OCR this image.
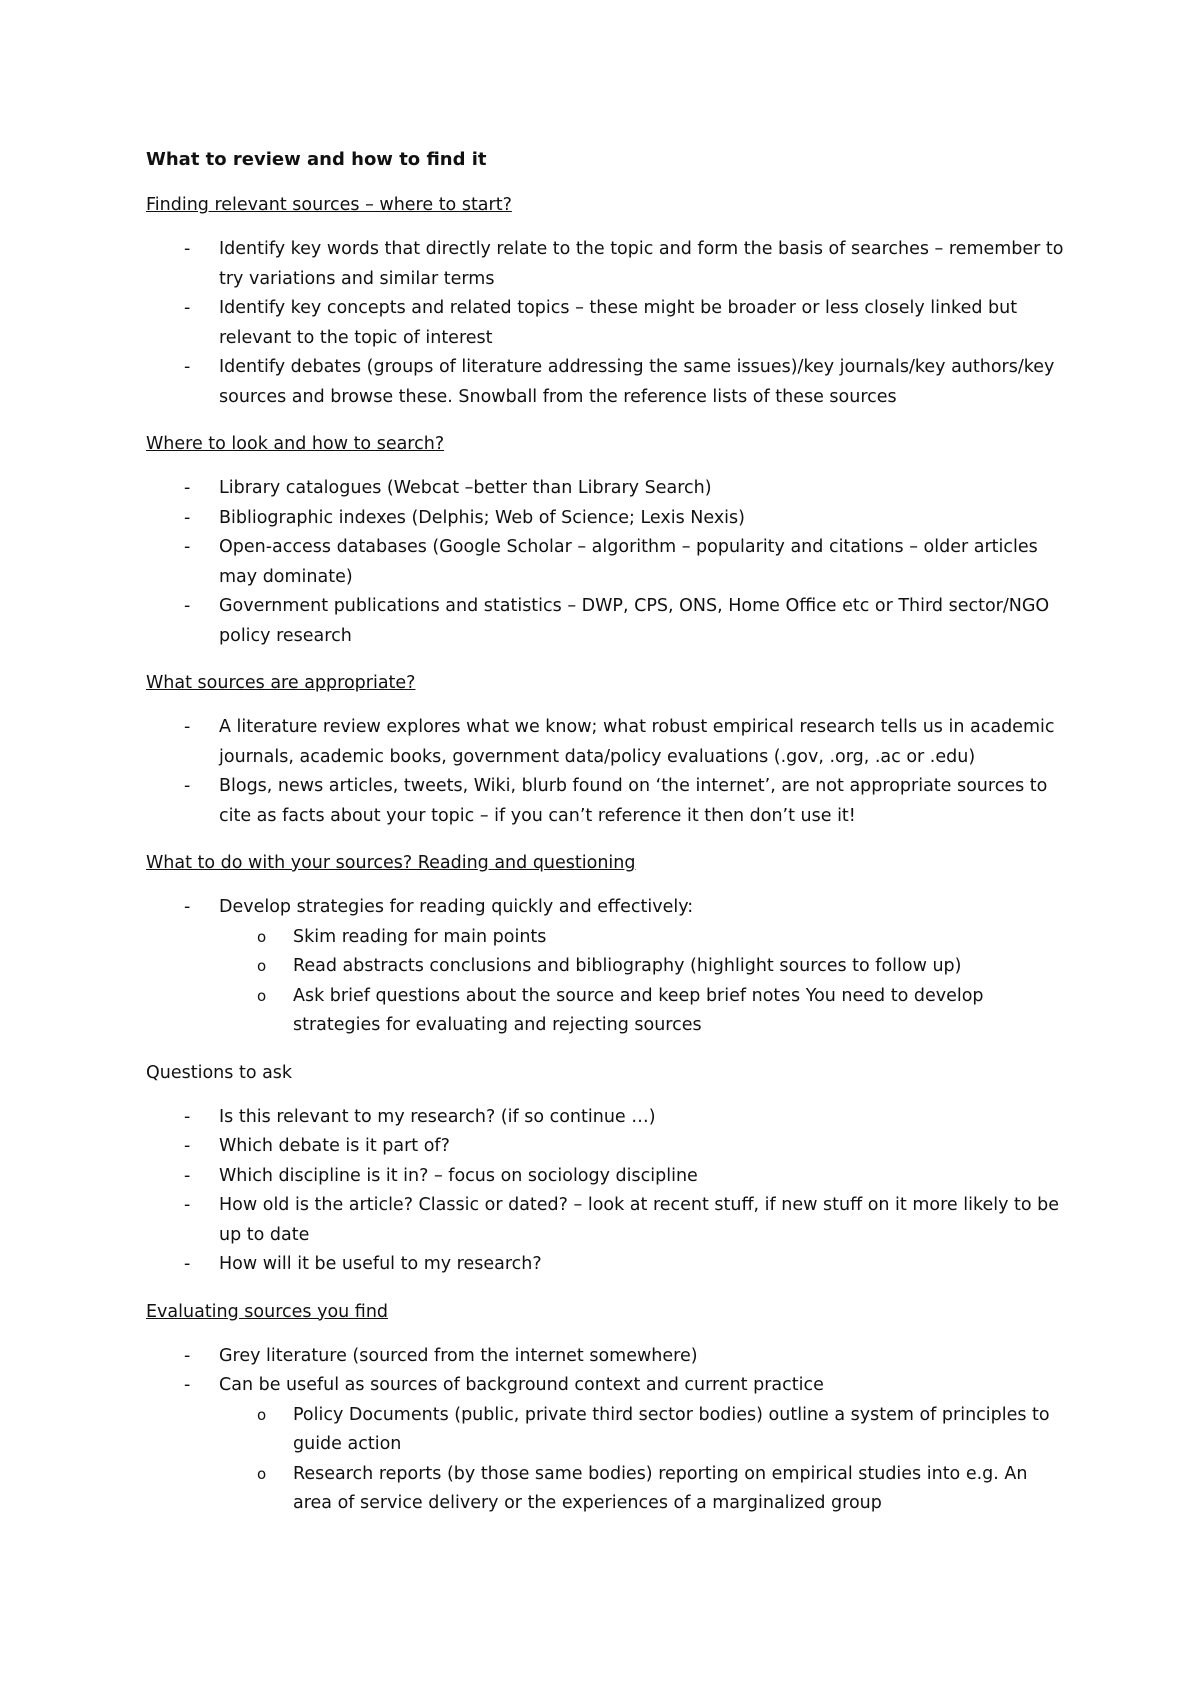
What to review and how to find it
Finding relevant sources – where to start?
- Identify key words that directly relate to the topic and form the basis of searches – remember to try variations and similar terms
- Identify key concepts and related topics – these might be broader or less closely linked but relevant to the topic of interest
- Identify debates (groups of literature addressing the same issues)/key journals/key authors/key sources and browse these. Snowball from the reference lists of these sources
Where to look and how to search?
- Library catalogues (Webcat –better than Library Search)
- Bibliographic indexes (Delphis; Web of Science; Lexis Nexis)
- Open-access databases (Google Scholar – algorithm – popularity and citations – older articles may dominate)
- Government publications and statistics – DWP, CPS, ONS, Home Office etc or Third sector/NGO policy research
What sources are appropriate?
- A literature review explores what we know; what robust empirical research tells us in academic journals, academic books, government data/policy evaluations (.gov, .org, .ac or .edu)
- Blogs, news articles, tweets, Wiki, blurb found on ‘the internet’, are not appropriate sources to cite as facts about your topic – if you can’t reference it then don’t use it!
What to do with your sources? Reading and questioning
- Develop strategies for reading quickly and effectively:
o Skim reading for main points
o Read abstracts conclusions and bibliography (highlight sources to follow up)
o Ask brief questions about the source and keep brief notes You need to develop strategies for evaluating and rejecting sources
Questions to ask
- Is this relevant to my research? (if so continue …)
- Which debate is it part of?
- Which discipline is it in? – focus on sociology discipline
- How old is the article? Classic or dated? – look at recent stuff, if new stuff on it more likely to be up to date
- How will it be useful to my research?
Evaluating sources you find
- Grey literature (sourced from the internet somewhere)
- Can be useful as sources of background context and current practice
o Policy Documents (public, private third sector bodies) outline a system of principles to guide action
o Research reports (by those same bodies) reporting on empirical studies into e.g. An area of service delivery or the experiences of a marginalized group
